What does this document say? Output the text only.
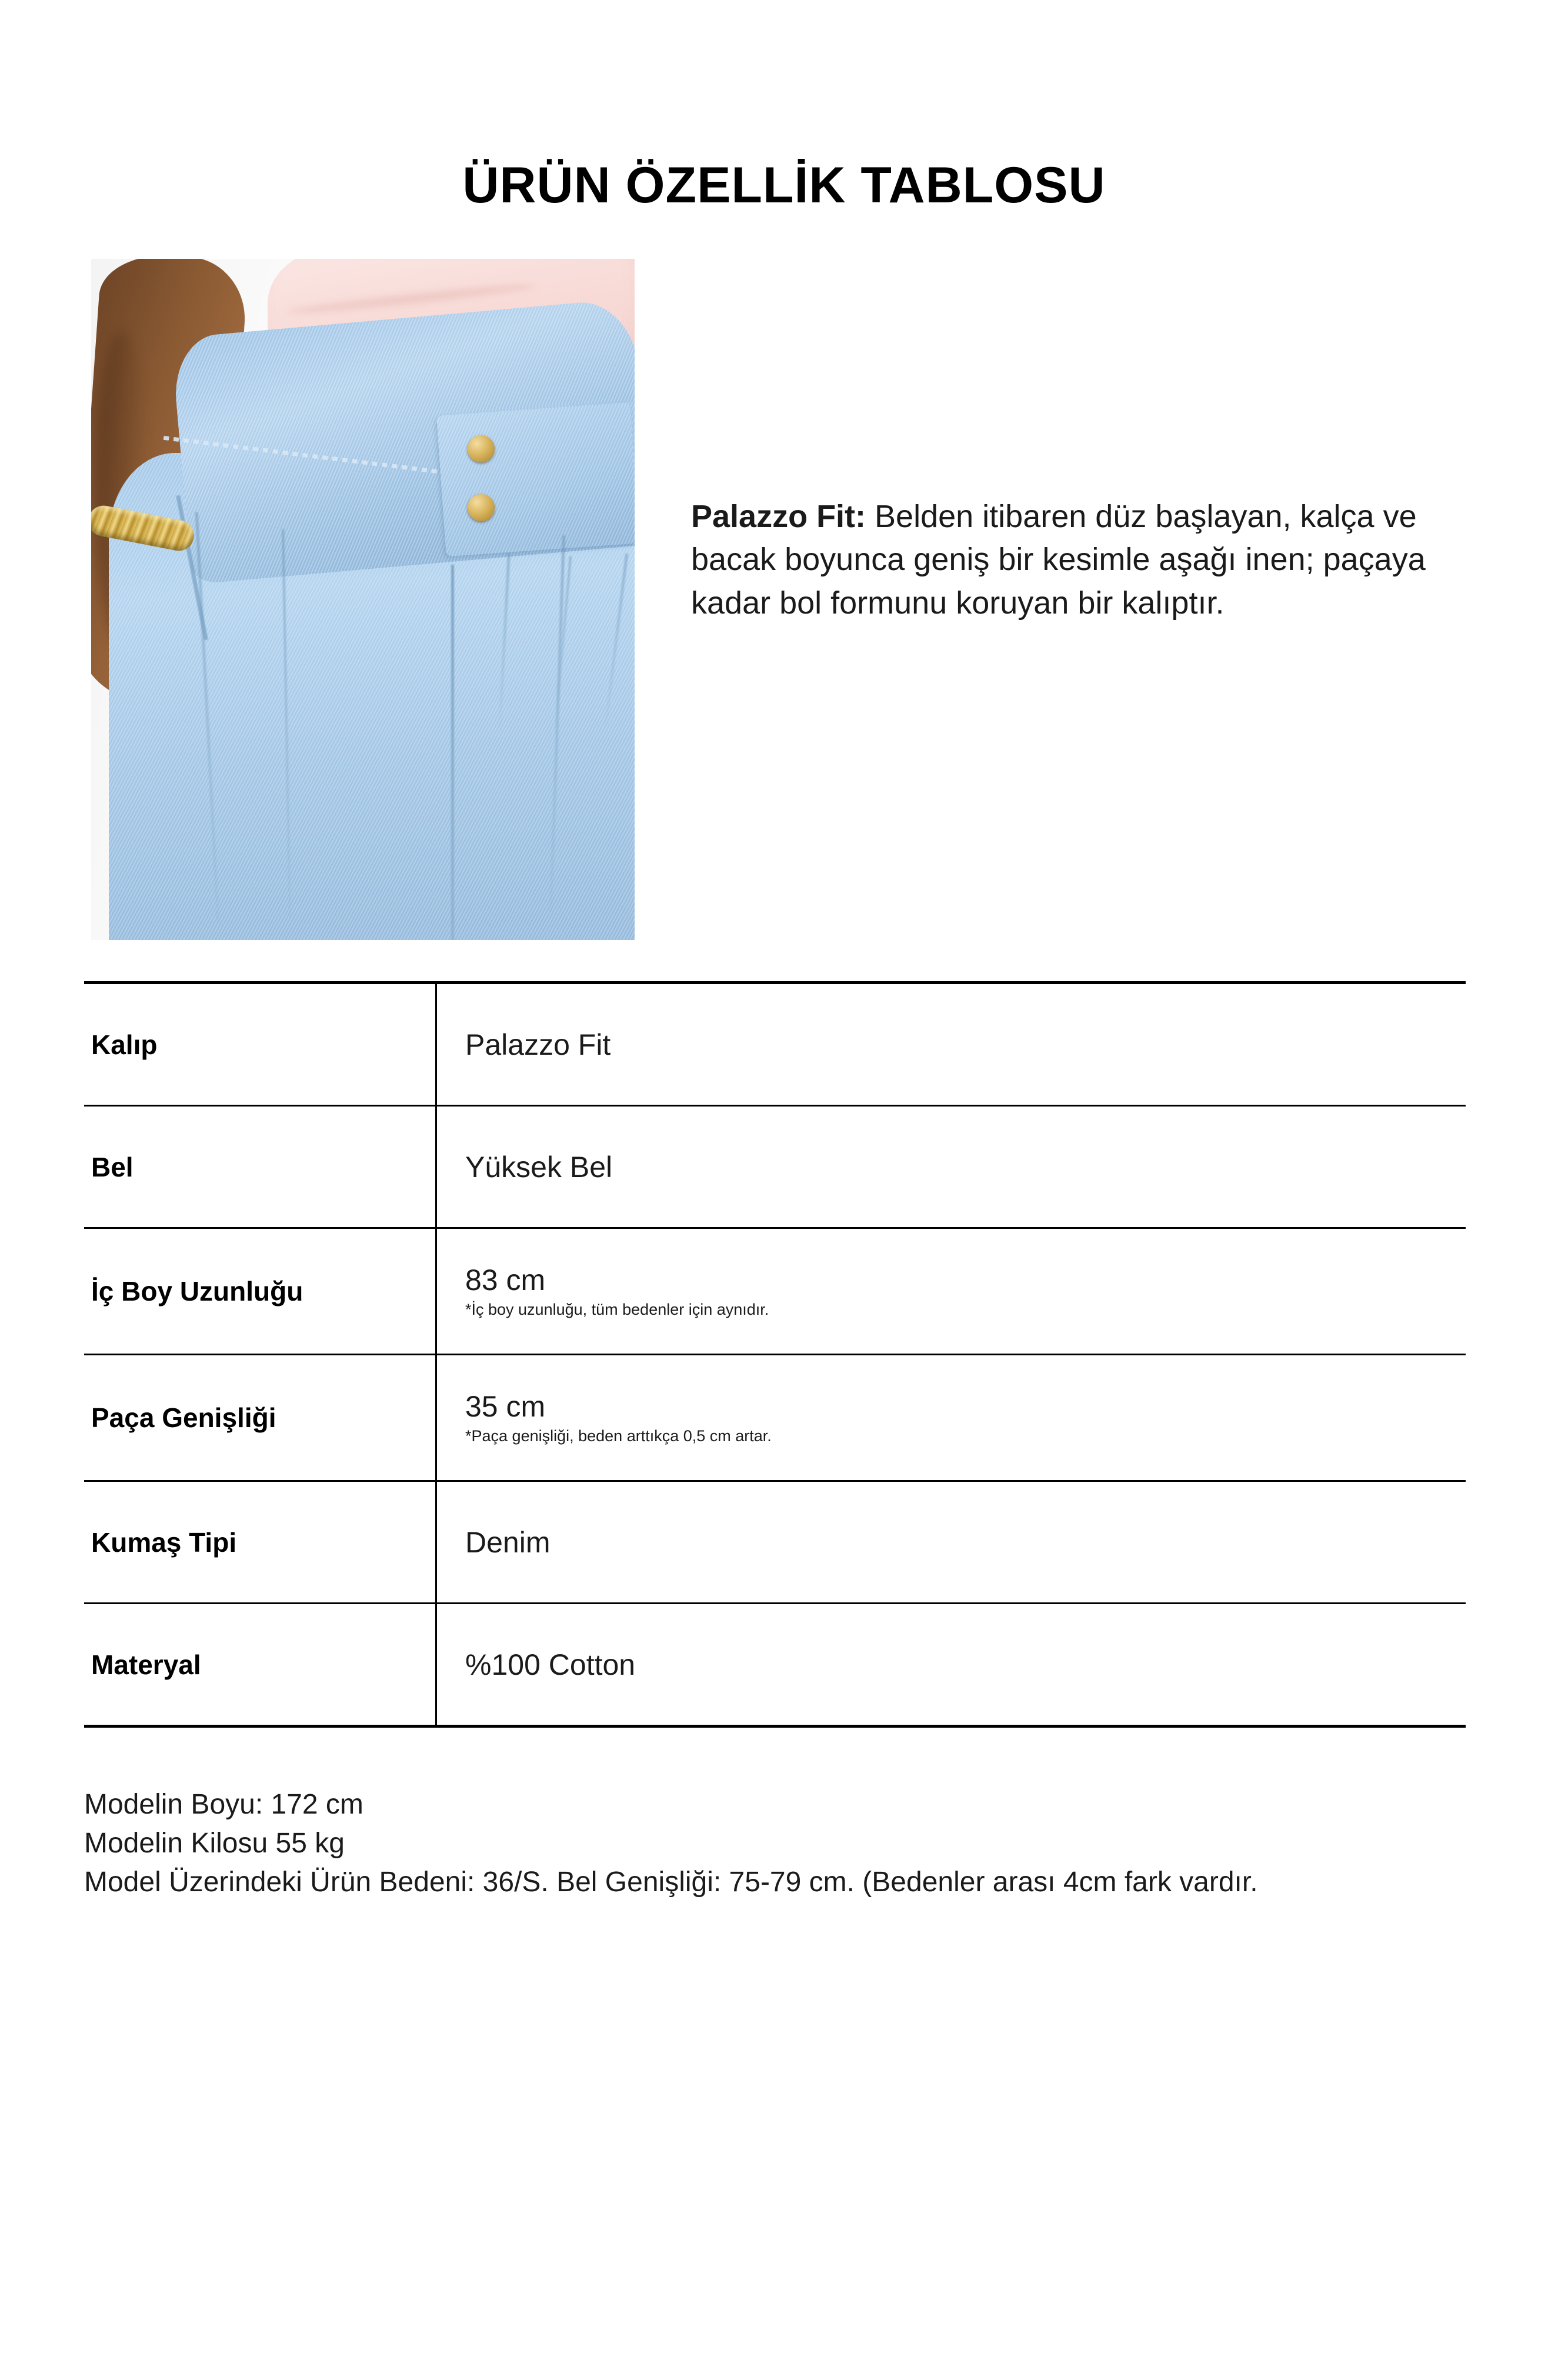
ÜRÜN ÖZELLİK TABLOSU
Palazzo Fit: Belden itibaren düz başlayan, kalça ve bacak boyunca geniş bir kesimle aşağı inen; paçaya kadar bol formunu koruyan bir kalıptır.
Kalıp	Palazzo Fit
Bel	Yüksek Bel
İç Boy Uzunluğu	83 cm
*İç boy uzunluğu, tüm bedenler için aynıdır.
Paça Genişliği	35 cm
*Paça genişliği, beden arttıkça 0,5 cm artar.
Kumaş Tipi	Denim
Materyal	%100 Cotton
Modelin Boyu: 172 cm
Modelin Kilosu 55 kg
Model Üzerindeki Ürün Bedeni: 36/S. Bel Genişliği: 75-79 cm. (Bedenler arası 4cm fark vardır.
